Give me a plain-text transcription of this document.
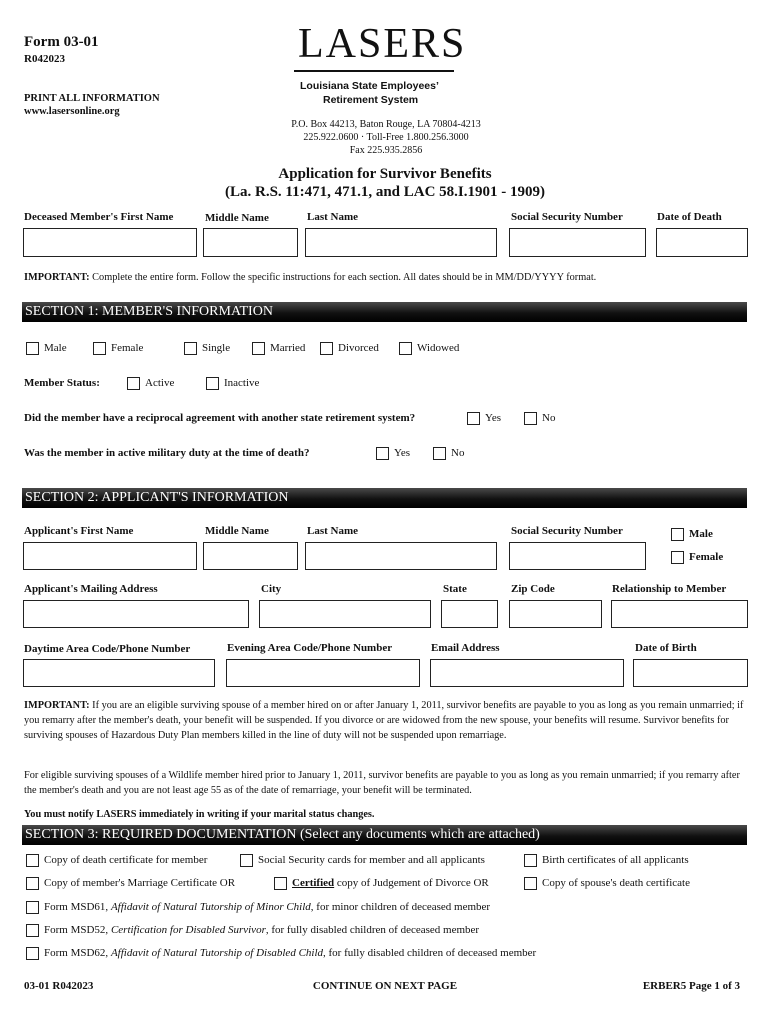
Form 03-01
R042023
PRINT ALL INFORMATION
www.lasersonline.org
LASERS
Louisiana State Employees’
Retirement System
P.O. Box 44213, Baton Rouge, LA 70804-4213
225.922.0600 · Toll-Free 1.800.256.3000
Fax 225.935.2856
Application for Survivor Benefits
(La. R.S. 11:471, 471.1, and LAC 58.I.1901 - 1909)
Deceased Member's First Name	Middle Name	Last Name	Social Security Number	Date of Death
IMPORTANT: Complete the entire form. Follow the specific instructions for each section. All dates should be in MM/DD/YYYY format.
SECTION 1: MEMBER'S INFORMATION
Male	Female	Single	Married	Divorced	Widowed
Member Status:	Active	Inactive
Did the member have a reciprocal agreement with another state retirement system?	Yes	No
Was the member in active military duty at the time of death?	Yes	No
SECTION 2: APPLICANT'S INFORMATION
Applicant's First Name	Middle Name	Last Name	Social Security Number	Male
Female
Applicant's Mailing Address	City	State	Zip Code	Relationship to Member
Daytime Area Code/Phone Number	Evening Area Code/Phone Number	Email Address	Date of Birth
IMPORTANT: If you are an eligible surviving spouse of a member hired on or after January 1, 2011, survivor benefits are payable to you as long as you remain unmarried; if you remarry after the member's death, your benefit will be suspended. If you divorce or are widowed from the new spouse, your benefits will resume. Survivor benefits for surviving spouses of Hazardous Duty Plan members killed in the line of duty will not be suspended upon remarriage.
For eligible surviving spouses of a Wildlife member hired prior to January 1, 2011, survivor benefits are payable to you as long as you remain unmarried; if you remarry after the member's death and you are not least age 55 as of the date of remarriage, your benefit will be terminated.
You must notify LASERS immediately in writing if your marital status changes.
SECTION 3: REQUIRED DOCUMENTATION (Select any documents which are attached)
Copy of death certificate for member	Social Security cards for member and all applicants	Birth certificates of all applicants
Copy of member's Marriage Certificate OR	Certified copy of Judgement of Divorce OR	Copy of spouse's death certificate
Form MSD61, Affidavit of Natural Tutorship of Minor Child, for minor children of deceased member
Form MSD52, Certification for Disabled Survivor, for fully disabled children of deceased member
Form MSD62, Affidavit of Natural Tutorship of Disabled Child, for fully disabled children of deceased member
03-01 R042023	CONTINUE ON NEXT PAGE	ERBER5 Page 1 of 3
